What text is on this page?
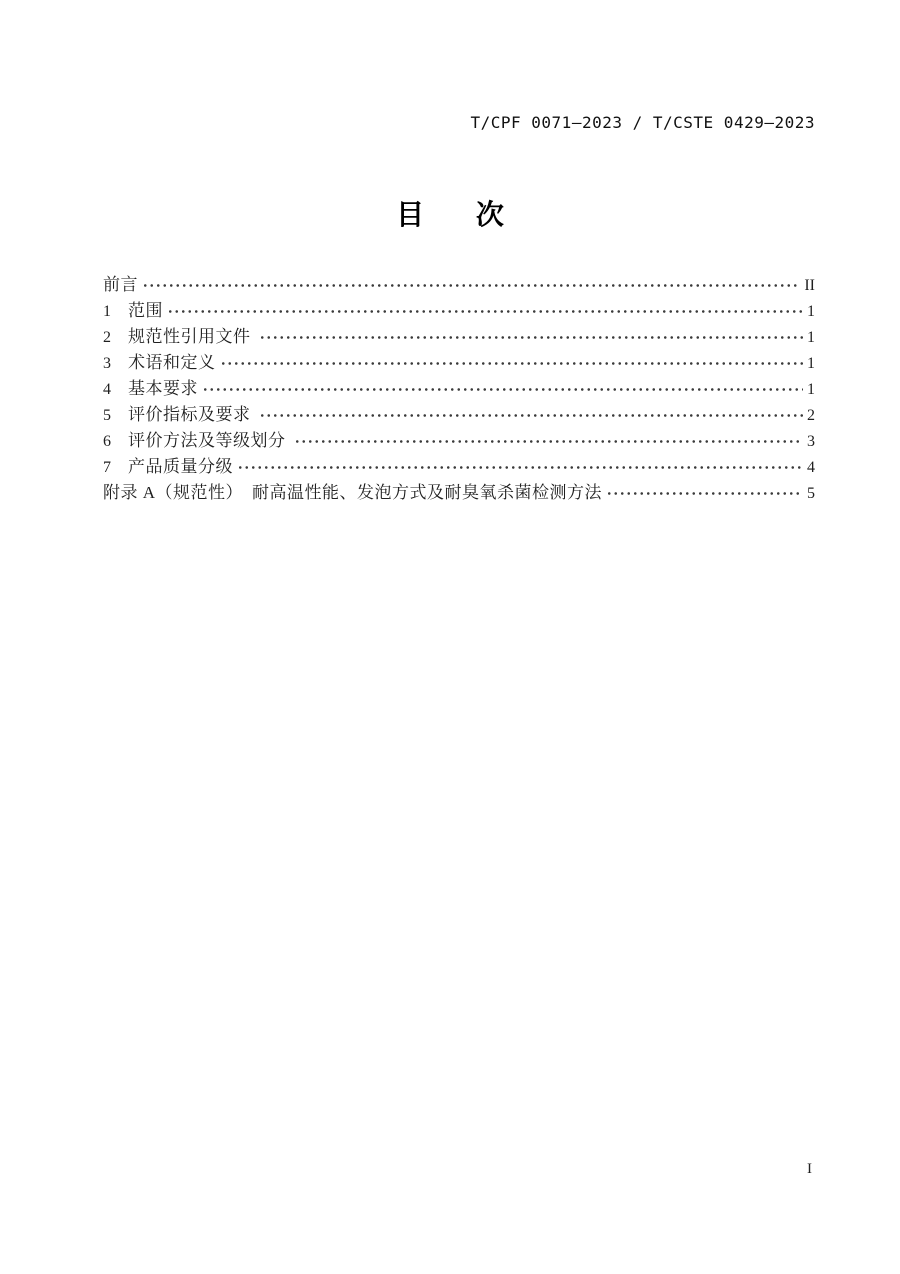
T/CPF 0071—2023 / T/CSTE 0429—2023
目 次
前言	II
1	范围	1
2	规范性引用文件	1
3	术语和定义	1
4	基本要求	1
5	评价指标及要求	2
6	评价方法及等级划分	3
7	产品质量分级	4
附录 A（规范性）　耐高温性能、发泡方式及耐臭氧杀菌检测方法	5
I
